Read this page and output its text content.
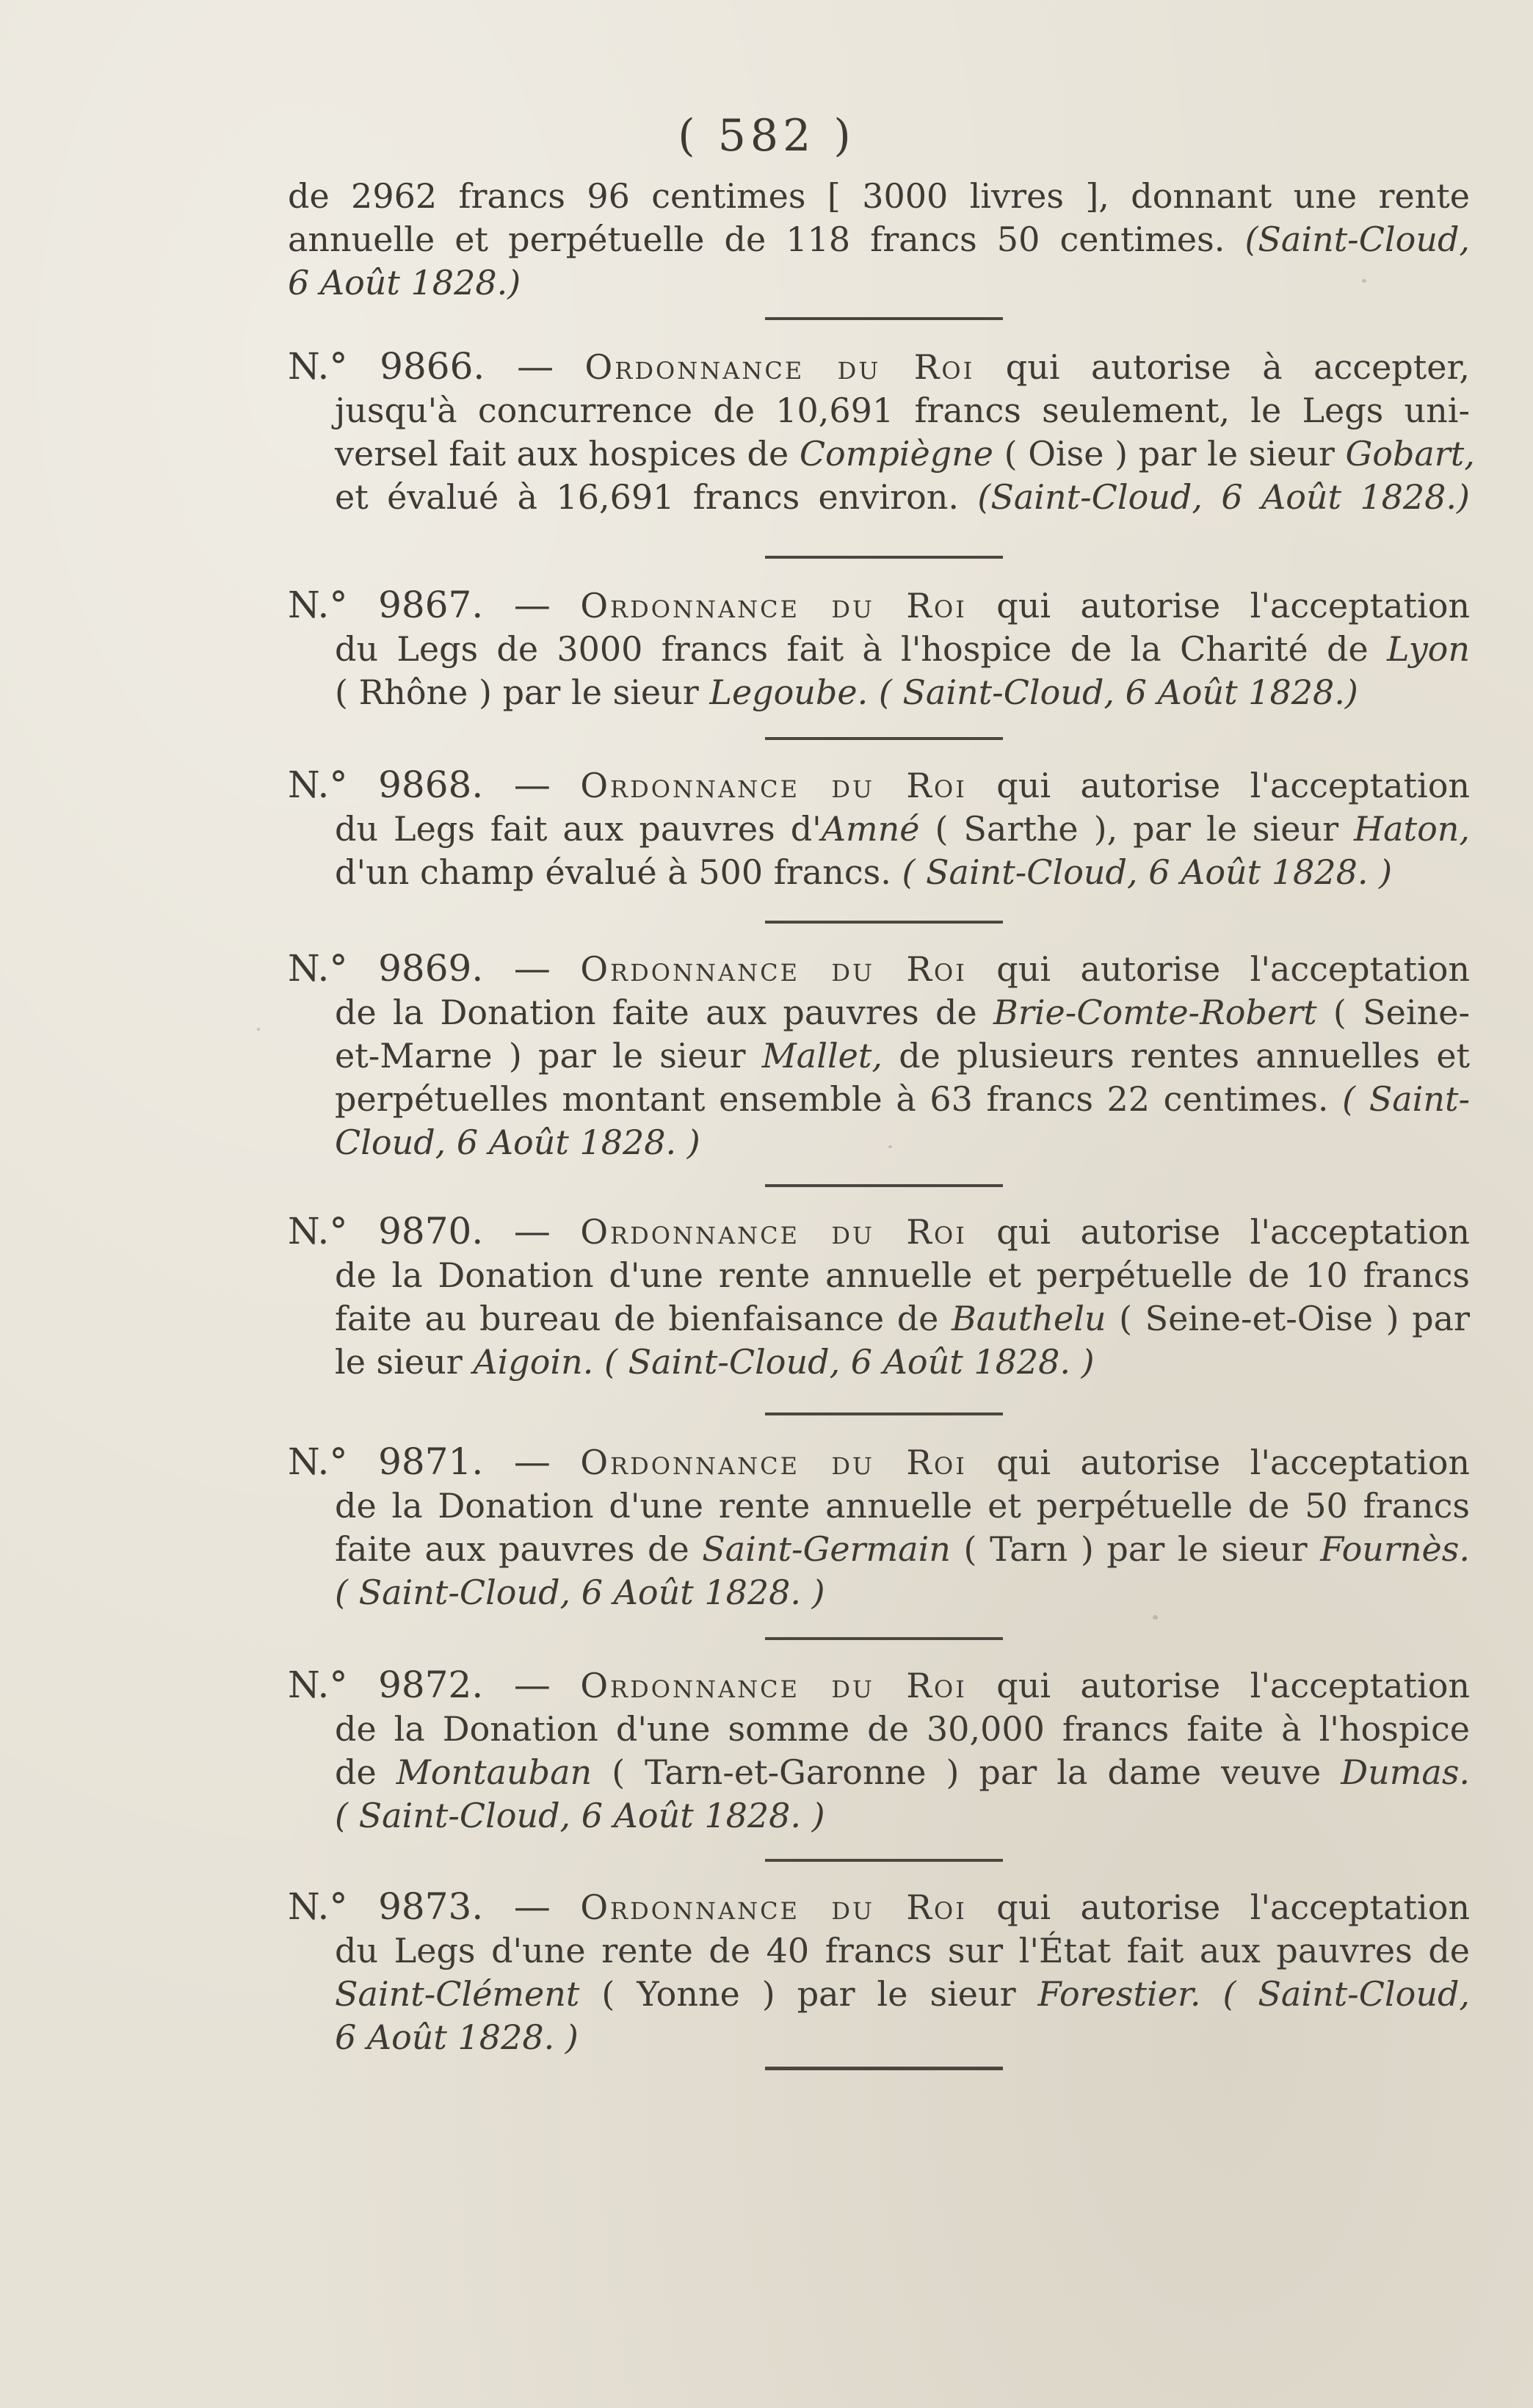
( 582 )
de 2962 francs 96 centimes [ 3000 livres ], donnant une rente
annuelle et perpétuelle de 118 francs 50 centimes. (Saint-Cloud,
6 Août 1828.)
N.° 9866. — Ordonnance du Roi qui autorise à accepter,
jusqu'à concurrence de 10,691 francs seulement, le Legs uni-
versel fait aux hospices de Compiègne ( Oise ) par le sieur Gobart,
et évalué à 16,691 francs environ. (Saint-Cloud, 6 Août 1828.)
N.° 9867. — Ordonnance du Roi qui autorise l'acceptation
du Legs de 3000 francs fait à l'hospice de la Charité de Lyon
( Rhône ) par le sieur Legoube. ( Saint-Cloud, 6 Août 1828.)
N.° 9868. — Ordonnance du Roi qui autorise l'acceptation
du Legs fait aux pauvres d'Amné ( Sarthe ), par le sieur Haton,
d'un champ évalué à 500 francs. ( Saint-Cloud, 6 Août 1828. )
N.° 9869. — Ordonnance du Roi qui autorise l'acceptation
de la Donation faite aux pauvres de Brie-Comte-Robert ( Seine-
et-Marne ) par le sieur Mallet, de plusieurs rentes annuelles et
perpétuelles montant ensemble à 63 francs 22 centimes. ( Saint-
Cloud, 6 Août 1828. )
N.° 9870. — Ordonnance du Roi qui autorise l'acceptation
de la Donation d'une rente annuelle et perpétuelle de 10 francs
faite au bureau de bienfaisance de Bauthelu ( Seine-et-Oise ) par
le sieur Aigoin. ( Saint-Cloud, 6 Août 1828. )
N.° 9871. — Ordonnance du Roi qui autorise l'acceptation
de la Donation d'une rente annuelle et perpétuelle de 50 francs
faite aux pauvres de Saint-Germain ( Tarn ) par le sieur Fournès.
( Saint-Cloud, 6 Août 1828. )
N.° 9872. — Ordonnance du Roi qui autorise l'acceptation
de la Donation d'une somme de 30,000 francs faite à l'hospice
de Montauban ( Tarn-et-Garonne ) par la dame veuve Dumas.
( Saint-Cloud, 6 Août 1828. )
N.° 9873. — Ordonnance du Roi qui autorise l'acceptation
du Legs d'une rente de 40 francs sur l'État fait aux pauvres de
Saint-Clément ( Yonne ) par le sieur Forestier. ( Saint-Cloud,
6 Août 1828. )
